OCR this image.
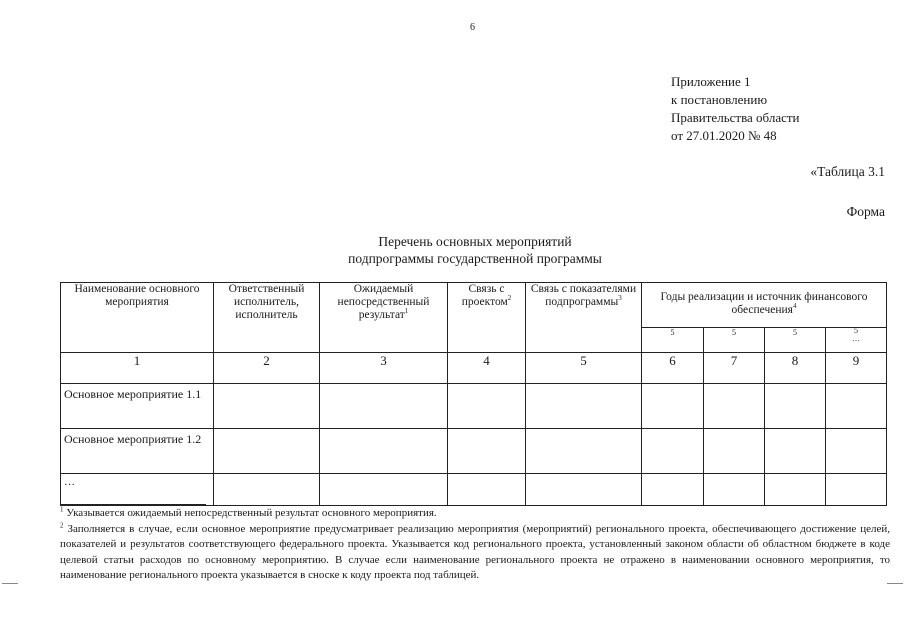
6
Приложение 1
к постановлению
Правительства области
от 27.01.2020 № 48
«Таблица 3.1
Форма
Перечень основных мероприятий
подпрограммы государственной программы
Наименование основного мероприятия	Ответственный исполнитель, исполнитель	Ожидаемый непосредственный результат$^1$	Связь с проектом$^2$	Связь с показателями подпрограммы$^3$	Годы реализации и источник финансового обеспечения$^4$
					5	5	5	5
…
1	2	3	4	5	6	7	8	9
Основное мероприятие 1.1								
Основное мероприятие 1.2								
…								

$^1$ Указывается ожидаемый непосредственный результат основного мероприятия.

$^2$ Заполняется в случае, если основное мероприятие предусматривает реализацию мероприятия (мероприятий) регионального проекта, обеспечивающего достижение целей, показателей и результатов соответствующего федерального проекта. Указывается код регионального проекта, установленный законом области об областном бюджете в коде целевой статьи расходов по основному мероприятию. В случае если наименование регионального проекта не отражено в наименовании основного мероприятия, то наименование регионального проекта указывается в сноске к коду проекта под таблицей.
